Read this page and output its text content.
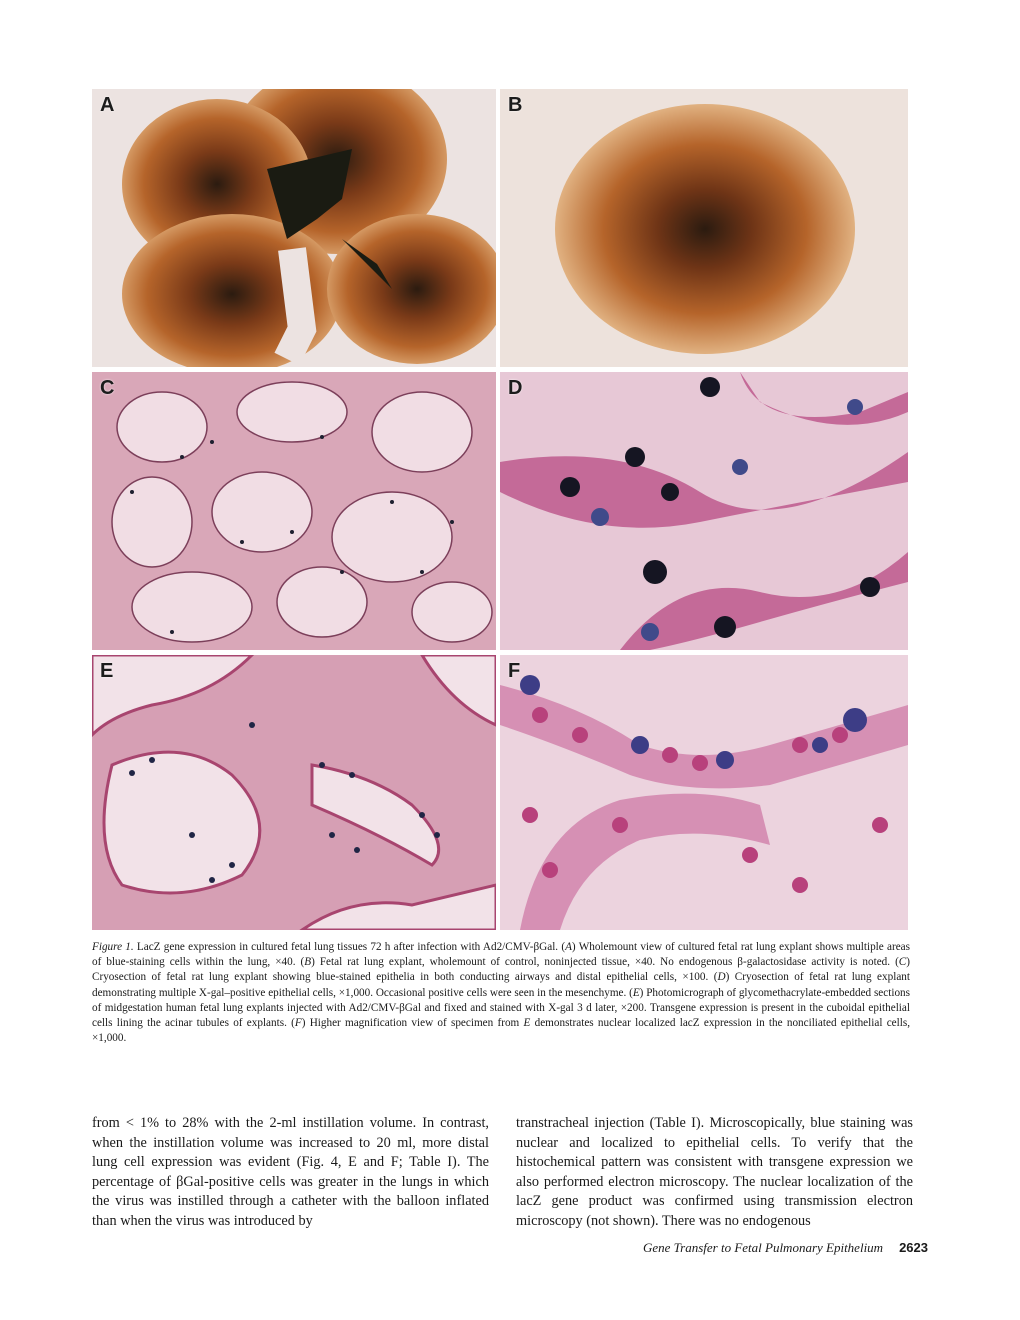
A	B
C	D
E	F

Figure 1. LacZ gene expression in cultured fetal lung tissues 72 h after infection with Ad2/CMV-βGal. (A) Wholemount view of cultured fetal rat lung explant shows multiple areas of blue-staining cells within the lung, ×40. (B) Fetal rat lung explant, wholemount of control, noninjected tissue, ×40. No endogenous β-galactosidase activity is noted. (C) Cryosection of fetal rat lung explant showing blue-stained epithelia in both conducting airways and distal epithelial cells, ×100. (D) Cryosection of fetal rat lung explant demonstrating multiple X-gal–positive epithelial cells, ×1,000. Occasional positive cells were seen in the mesenchyme. (E) Photomicrograph of glycomethacrylate-embedded sections of midgestation human fetal lung explants injected with Ad2/CMV-βGal and fixed and stained with X-gal 3 d later, ×200. Transgene expression is present in the cuboidal epithelial cells lining the acinar tubules of explants. (F) Higher magnification view of specimen from E demonstrates nuclear localized lacZ expression in the nonciliated epithelial cells, ×1,000.

from < 1% to 28% with the 2-ml instillation volume. In contrast, when the instillation volume was increased to 20 ml, more distal lung cell expression was evident (Fig. 4, E and F; Table I). The percentage of βGal-positive cells was greater in the lungs in which the virus was instilled through a catheter with the balloon inflated than when the virus was introduced by

transtracheal injection (Table I). Microscopically, blue staining was nuclear and localized to epithelial cells. To verify that the histochemical pattern was consistent with transgene expression we also performed electron microscopy. The nuclear localization of the lacZ gene product was confirmed using transmission electron microscopy (not shown). There was no endogenous

Gene Transfer to Fetal Pulmonary Epithelium 2623
